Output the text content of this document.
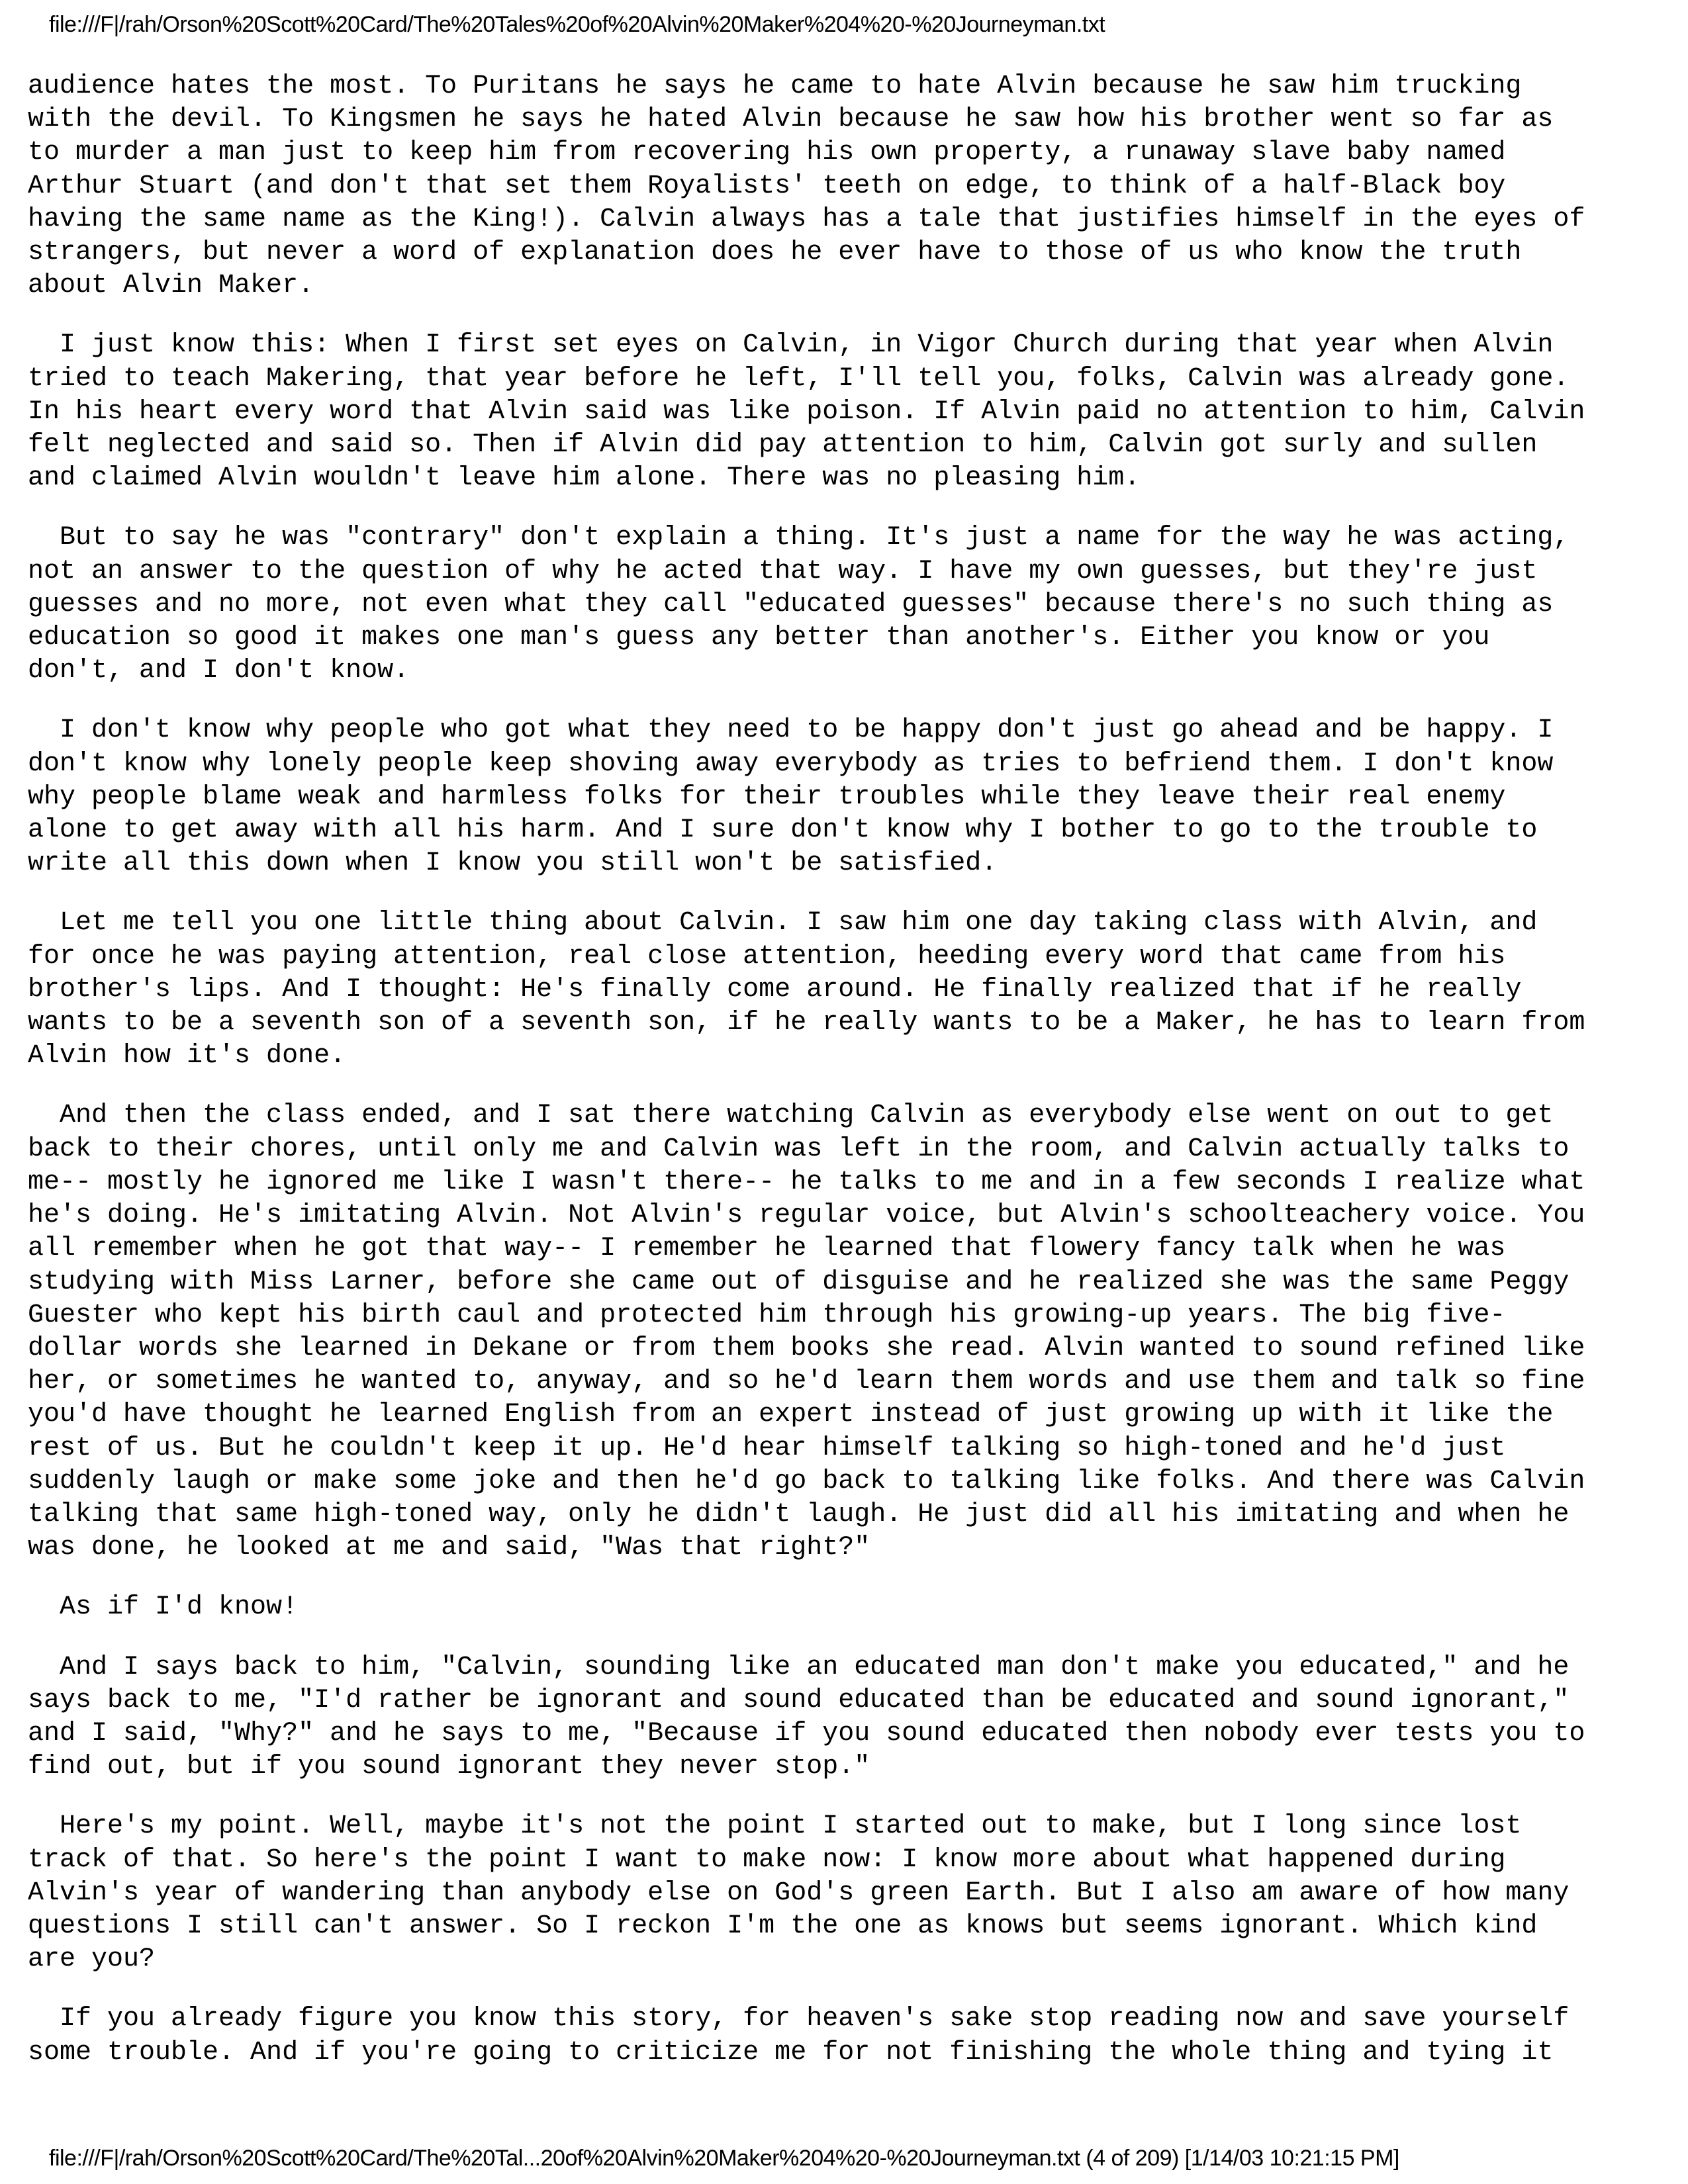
file:///F|/rah/Orson%20Scott%20Card/The%20Tales%20of%20Alvin%20Maker%204%20-%20Journeyman.txt
audience hates the most. To Puritans he says he came to hate Alvin because he saw him trucking
with the devil. To Kingsmen he says he hated Alvin because he saw how his brother went so far as
to murder a man just to keep him from recovering his own property, a runaway slave baby named
Arthur Stuart (and don't that set them Royalists' teeth on edge, to think of a half-Black boy
having the same name as the King!). Calvin always has a tale that justifies himself in the eyes of
strangers, but never a word of explanation does he ever have to those of us who know the truth
about Alvin Maker.
I just know this: When I first set eyes on Calvin, in Vigor Church during that year when Alvin
tried to teach Makering, that year before he left, I'll tell you, folks, Calvin was already gone.
In his heart every word that Alvin said was like poison. If Alvin paid no attention to him, Calvin
felt neglected and said so. Then if Alvin did pay attention to him, Calvin got surly and sullen
and claimed Alvin wouldn't leave him alone. There was no pleasing him.
But to say he was "contrary" don't explain a thing. It's just a name for the way he was acting,
not an answer to the question of why he acted that way. I have my own guesses, but they're just
guesses and no more, not even what they call "educated guesses" because there's no such thing as
education so good it makes one man's guess any better than another's. Either you know or you
don't, and I don't know.
I don't know why people who got what they need to be happy don't just go ahead and be happy. I
don't know why lonely people keep shoving away everybody as tries to befriend them. I don't know
why people blame weak and harmless folks for their troubles while they leave their real enemy
alone to get away with all his harm. And I sure don't know why I bother to go to the trouble to
write all this down when I know you still won't be satisfied.
Let me tell you one little thing about Calvin. I saw him one day taking class with Alvin, and
for once he was paying attention, real close attention, heeding every word that came from his
brother's lips. And I thought: He's finally come around. He finally realized that if he really
wants to be a seventh son of a seventh son, if he really wants to be a Maker, he has to learn from
Alvin how it's done.
And then the class ended, and I sat there watching Calvin as everybody else went on out to get
back to their chores, until only me and Calvin was left in the room, and Calvin actually talks to
me-- mostly he ignored me like I wasn't there-- he talks to me and in a few seconds I realize what
he's doing. He's imitating Alvin. Not Alvin's regular voice, but Alvin's schoolteachery voice. You
all remember when he got that way-- I remember he learned that flowery fancy talk when he was
studying with Miss Larner, before she came out of disguise and he realized she was the same Peggy
Guester who kept his birth caul and protected him through his growing-up years. The big five-
dollar words she learned in Dekane or from them books she read. Alvin wanted to sound refined like
her, or sometimes he wanted to, anyway, and so he'd learn them words and use them and talk so fine
you'd have thought he learned English from an expert instead of just growing up with it like the
rest of us. But he couldn't keep it up. He'd hear himself talking so high-toned and he'd just
suddenly laugh or make some joke and then he'd go back to talking like folks. And there was Calvin
talking that same high-toned way, only he didn't laugh. He just did all his imitating and when he
was done, he looked at me and said, "Was that right?"
As if I'd know!
And I says back to him, "Calvin, sounding like an educated man don't make you educated," and he
says back to me, "I'd rather be ignorant and sound educated than be educated and sound ignorant,"
and I said, "Why?" and he says to me, "Because if you sound educated then nobody ever tests you to
find out, but if you sound ignorant they never stop."
Here's my point. Well, maybe it's not the point I started out to make, but I long since lost
track of that. So here's the point I want to make now: I know more about what happened during
Alvin's year of wandering than anybody else on God's green Earth. But I also am aware of how many
questions I still can't answer. So I reckon I'm the one as knows but seems ignorant. Which kind
are you?
If you already figure you know this story, for heaven's sake stop reading now and save yourself
some trouble. And if you're going to criticize me for not finishing the whole thing and tying it
file:///F|/rah/Orson%20Scott%20Card/The%20Tal...20of%20Alvin%20Maker%204%20-%20Journeyman.txt (4 of 209) [1/14/03 10:21:15 PM]
